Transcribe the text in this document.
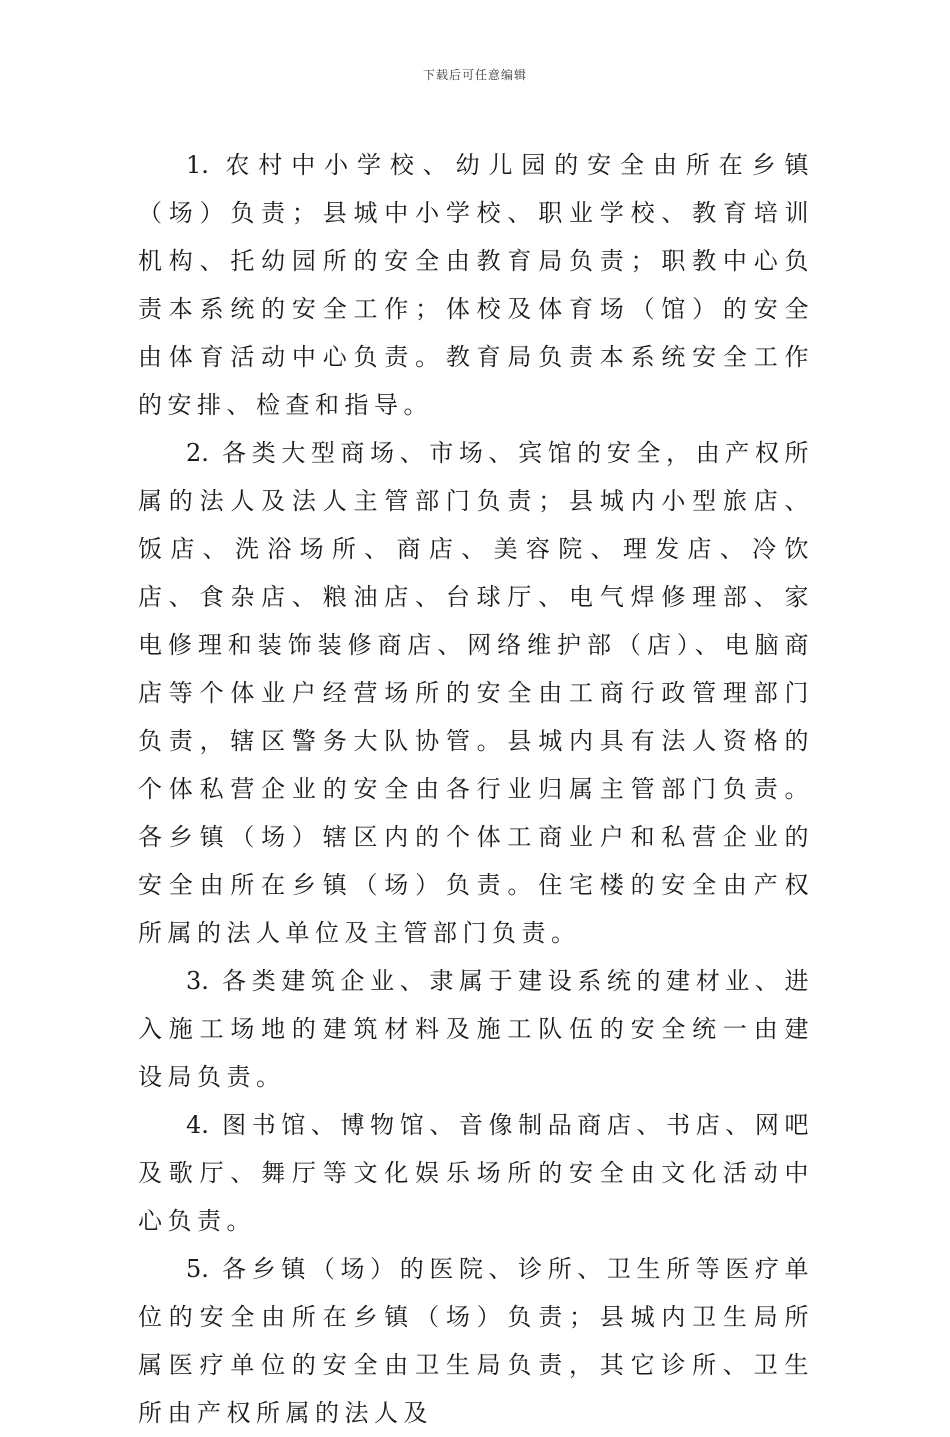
下载后可任意编辑

1. 农村中小学校、幼儿园的安全由所在乡镇（场）负责；县城中小学校、职业学校、教育培训机构、托幼园所的安全由教育局负责；职教中心负责本系统的安全工作；体校及体育场（馆）的安全由体育活动中心负责。教育局负责本系统安全工作的安排、检查和指导。

2. 各类大型商场、市场、宾馆的安全，由产权所属的法人及法人主管部门负责；县城内小型旅店、饭店、洗浴场所、商店、美容院、理发店、冷饮店、食杂店、粮油店、台球厅、电气焊修理部、家电修理和装饰装修商店、网络维护部（店）、电脑商店等个体业户经营场所的安全由工商行政管理部门负责，辖区警务大队协管。县城内具有法人资格的个体私营企业的安全由各行业归属主管部门负责。各乡镇（场）辖区内的个体工商业户和私营企业的安全由所在乡镇（场）负责。住宅楼的安全由产权所属的法人单位及主管部门负责。

3. 各类建筑企业、隶属于建设系统的建材业、进入施工场地的建筑材料及施工队伍的安全统一由建设局负责。

4. 图书馆、博物馆、音像制品商店、书店、网吧及歌厅、舞厅等文化娱乐场所的安全由文化活动中心负责。

5. 各乡镇（场）的医院、诊所、卫生所等医疗单位的安全由所在乡镇（场）负责；县城内卫生局所属医疗单位的安全由卫生局负责，其它诊所、卫生所由产权所属的法人及
